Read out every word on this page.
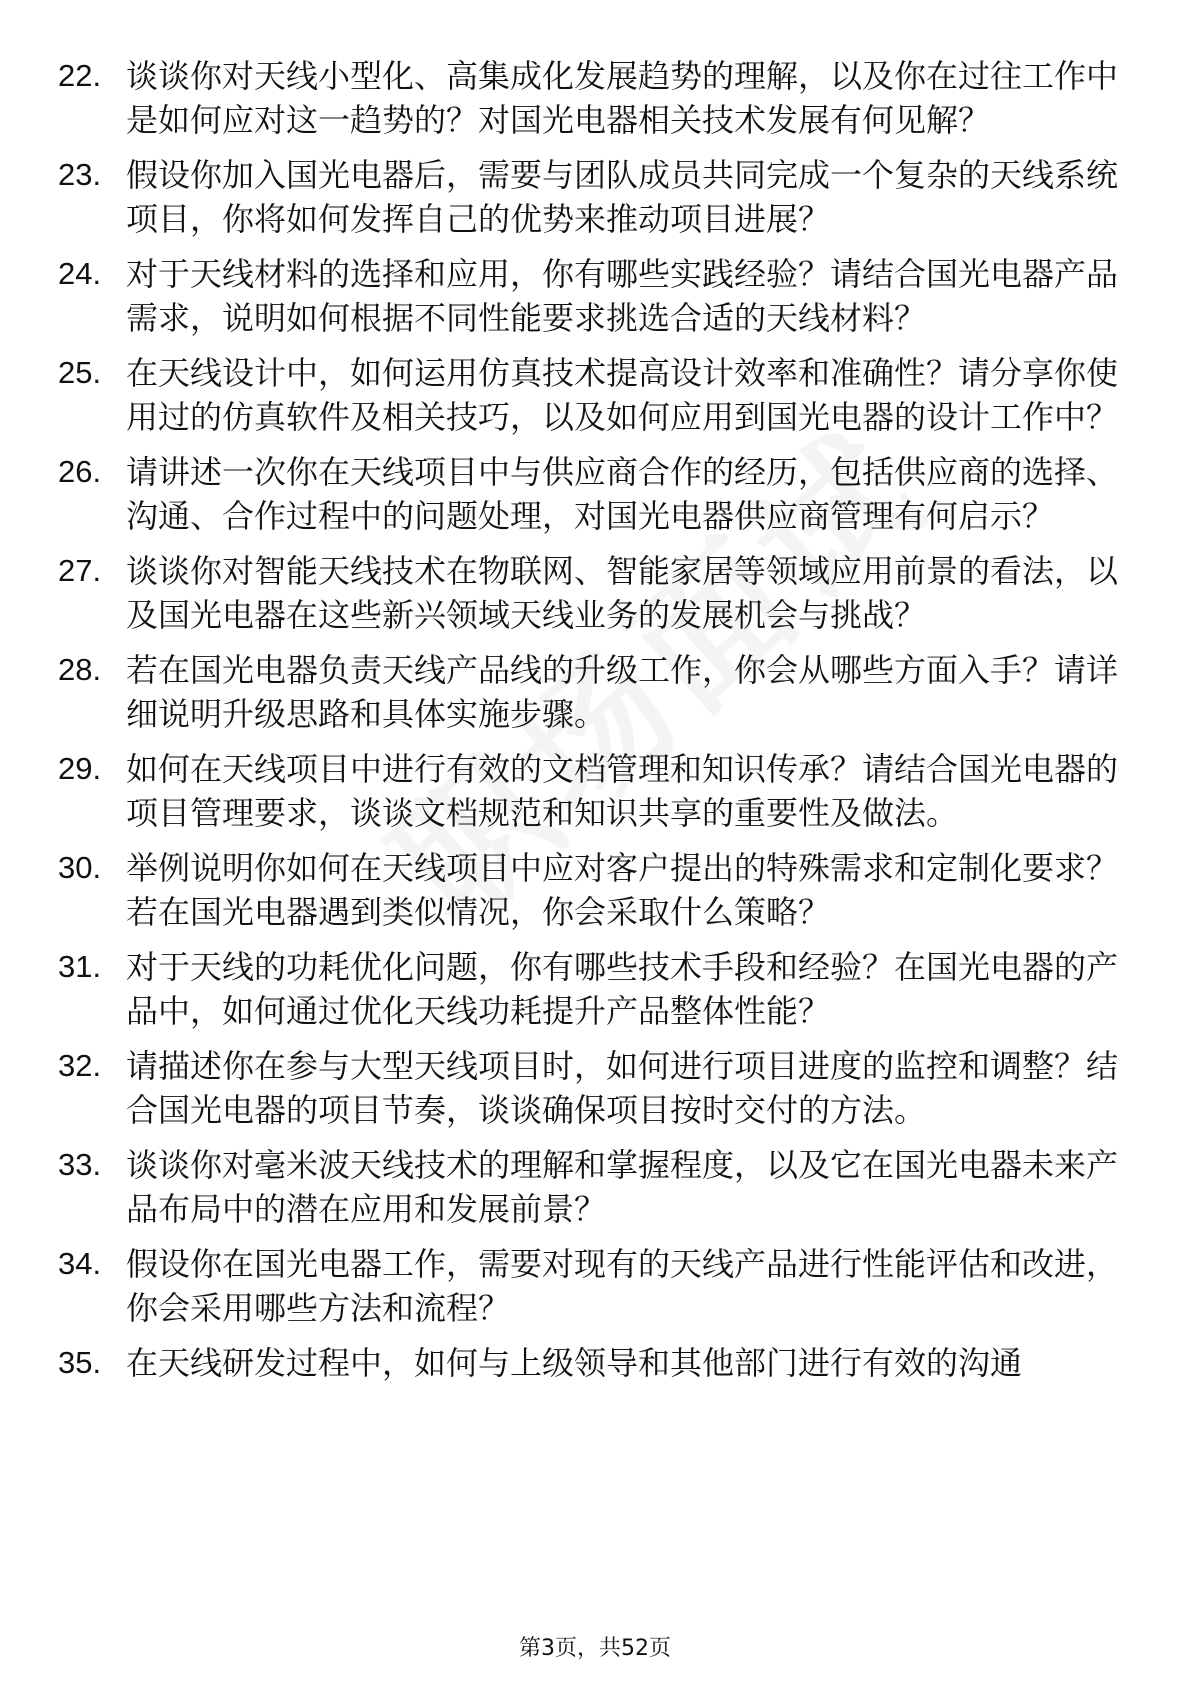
22. 谈谈你对天线小型化、高集成化发展趋势的理解，以及你在过往工作中是如何应对这一趋势的？对国光电器相关技术发展有何见解？
23. 假设你加入国光电器后，需要与团队成员共同完成一个复杂的天线系统项目，你将如何发挥自己的优势来推动项目进展？
24. 对于天线材料的选择和应用，你有哪些实践经验？请结合国光电器产品需求，说明如何根据不同性能要求挑选合适的天线材料？
25. 在天线设计中，如何运用仿真技术提高设计效率和准确性？请分享你使用过的仿真软件及相关技巧，以及如何应用到国光电器的设计工作中？
26. 请讲述一次你在天线项目中与供应商合作的经历，包括供应商的选择、沟通、合作过程中的问题处理，对国光电器供应商管理有何启示？
27. 谈谈你对智能天线技术在物联网、智能家居等领域应用前景的看法，以及国光电器在这些新兴领域天线业务的发展机会与挑战？
28. 若在国光电器负责天线产品线的升级工作，你会从哪些方面入手？请详细说明升级思路和具体实施步骤。
29. 如何在天线项目中进行有效的文档管理和知识传承？请结合国光电器的项目管理要求，谈谈文档规范和知识共享的重要性及做法。
30. 举例说明你如何在天线项目中应对客户提出的特殊需求和定制化要求？若在国光电器遇到类似情况，你会采取什么策略？
31. 对于天线的功耗优化问题，你有哪些技术手段和经验？在国光电器的产品中，如何通过优化天线功耗提升产品整体性能？
32. 请描述你在参与大型天线项目时，如何进行项目进度的监控和调整？结合国光电器的项目节奏，谈谈确保项目按时交付的方法。
33. 谈谈你对毫米波天线技术的理解和掌握程度，以及它在国光电器未来产品布局中的潜在应用和发展前景？
34. 假设你在国光电器工作，需要对现有的天线产品进行性能评估和改进，你会采用哪些方法和流程？
35. 在天线研发过程中，如何与上级领导和其他部门进行有效的沟通
第3页，共52页
